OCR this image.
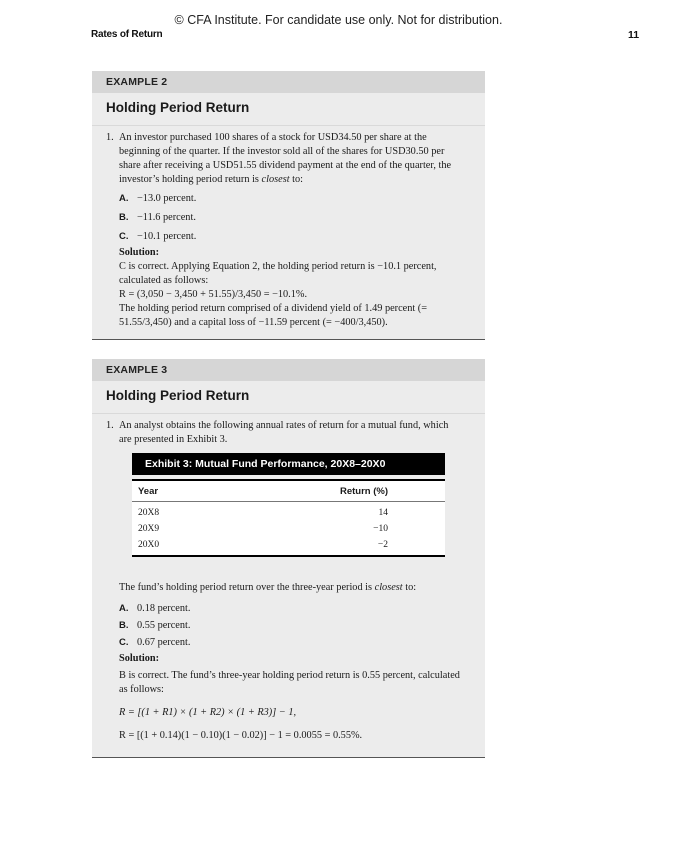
© CFA Institute. For candidate use only. Not for distribution.
Rates of Return	11
EXAMPLE 2
Holding Period Return
1. An investor purchased 100 shares of a stock for USD34.50 per share at the beginning of the quarter. If the investor sold all of the shares for USD30.50 per share after receiving a USD51.55 dividend payment at the end of the quarter, the investor’s holding period return is closest to:
A. −13.0 percent.
B. −11.6 percent.
C. −10.1 percent.
Solution:

C is correct. Applying Equation 2, the holding period return is −10.1 percent, calculated as follows:

R = (3,050 − 3,450 + 51.55)/3,450 = −10.1%.

The holding period return comprised of a dividend yield of 1.49 percent (= 51.55/3,450) and a capital loss of −11.59 percent (= −400/3,450).

EXAMPLE 3
Holding Period Return
1. An analyst obtains the following annual rates of return for a mutual fund, which are presented in Exhibit 3.
Exhibit 3: Mutual Fund Performance, 20X8–20X0
Year	Return (%)
20X8	14
20X9	−10
20X0	−2
The fund’s holding period return over the three-year period is closest to:
A. 0.18 percent.
B. 0.55 percent.
C. 0.67 percent.
Solution:
B is correct. The fund’s three-year holding period return is 0.55 percent, calculated as follows:
R = [(1 + R1) × (1 + R2) × (1 + R3)] − 1,
R = [(1 + 0.14)(1 − 0.10)(1 − 0.02)] − 1 = 0.0055 = 0.55%.
